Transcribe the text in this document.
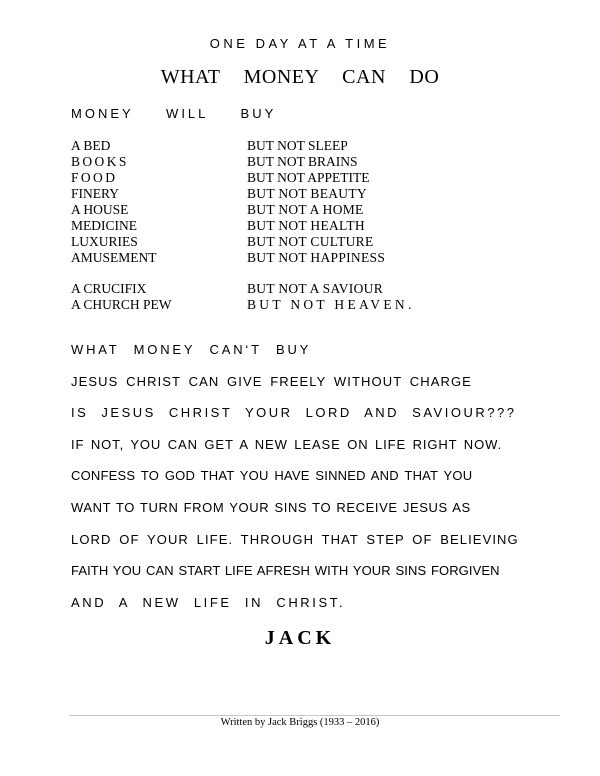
ONE DAY AT A TIME
WHAT MONEY CAN DO
MONEY WILL BUY
A BED	BUT NOT SLEEP
BOOKS	BUT NOT BRAINS
FOOD	BUT NOT APPETITE
FINERY	BUT NOT BEAUTY
A HOUSE	BUT NOT A HOME
MEDICINE	BUT NOT HEALTH
LUXURIES	BUT NOT CULTURE
AMUSEMENT	BUT NOT HAPPINESS
A CRUCIFIX	BUT NOT A SAVIOUR
A CHURCH PEW	BUT NOT HEAVEN.
WHAT MONEY CAN‘T BUY
JESUS CHRIST CAN GIVE FREELY WITHOUT CHARGE
IS JESUS CHRIST YOUR LORD AND SAVIOUR???
IF NOT, YOU CAN GET A NEW LEASE ON LIFE RIGHT NOW.
CONFESS TO GOD THAT YOU HAVE SINNED AND THAT YOU
WANT TO TURN FROM YOUR SINS TO RECEIVE JESUS AS
LORD OF YOUR LIFE. THROUGH THAT STEP OF BELIEVING
FAITH YOU CAN START LIFE AFRESH WITH YOUR SINS FORGIVEN
AND A NEW LIFE IN CHRIST.
JACK
Written by Jack Briggs (1933 – 2016)
